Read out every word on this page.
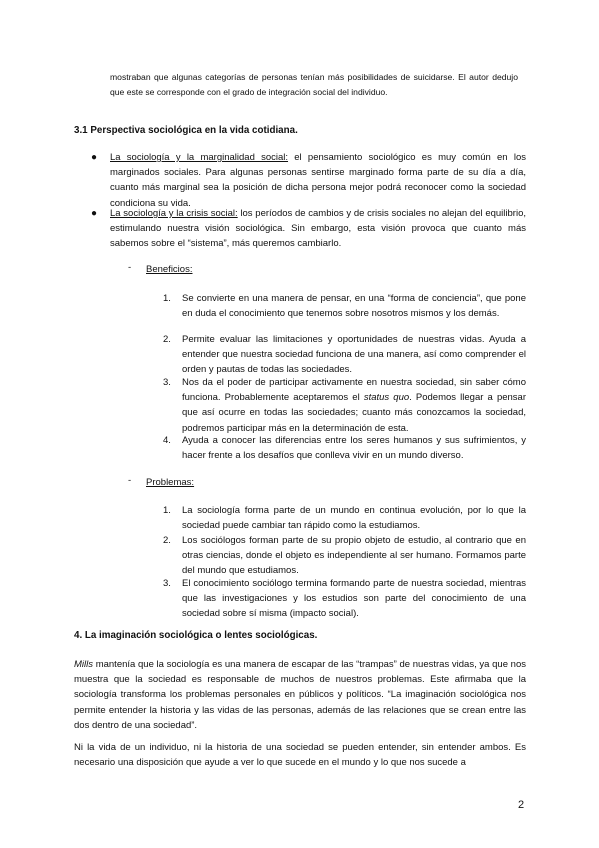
mostraban que algunas categorías de personas tenían más posibilidades de suicidarse. El autor dedujo que este se corresponde con el grado de integración social del individuo.
3.1 Perspectiva sociológica en la vida cotidiana.
● La sociología y la marginalidad social: el pensamiento sociológico es muy común en los marginados sociales. Para algunas personas sentirse marginado forma parte de su día a día, cuanto más marginal sea la posición de dicha persona mejor podrá reconocer como la sociedad condiciona su vida.
● La sociología y la crisis social: los períodos de cambios y de crisis sociales no alejan del equilibrio, estimulando nuestra visión sociológica. Sin embargo, esta visión provoca que cuanto más sabemos sobre el “sistema”, más queremos cambiarlo.
- Beneficios:
1. Se convierte en una manera de pensar, en una “forma de conciencia”, que pone en duda el conocimiento que tenemos sobre nosotros mismos y los demás.
2. Permite evaluar las limitaciones y oportunidades de nuestras vidas. Ayuda a entender que nuestra sociedad funciona de una manera, así como comprender el orden y pautas de todas las sociedades.
3. Nos da el poder de participar activamente en nuestra sociedad, sin saber cómo funciona. Probablemente aceptaremos el status quo. Podemos llegar a pensar que así ocurre en todas las sociedades; cuanto más conozcamos la sociedad, podremos participar más en la determinación de esta.
4. Ayuda a conocer las diferencias entre los seres humanos y sus sufrimientos, y hacer frente a los desafíos que conlleva vivir en un mundo diverso.
- Problemas:
1. La sociología forma parte de un mundo en continua evolución, por lo que la sociedad puede cambiar tan rápido como la estudiamos.
2. Los sociólogos forman parte de su propio objeto de estudio, al contrario que en otras ciencias, donde el objeto es independiente al ser humano. Formamos parte del mundo que estudiamos.
3. El conocimiento sociólogo termina formando parte de nuestra sociedad, mientras que las investigaciones y los estudios son parte del conocimiento de una sociedad sobre sí misma (impacto social).
4. La imaginación sociológica o lentes sociológicas.
Mills mantenía que la sociología es una manera de escapar de las “trampas” de nuestras vidas, ya que nos muestra que la sociedad es responsable de muchos de nuestros problemas. Este afirmaba que la sociología transforma los problemas personales en públicos y políticos. “La imaginación sociológica nos permite entender la historia y las vidas de las personas, además de las relaciones que se crean entre las dos dentro de una sociedad”.
Ni la vida de un individuo, ni la historia de una sociedad se pueden entender, sin entender ambos. Es necesario una disposición que ayude a ver lo que sucede en el mundo y lo que nos sucede a
2
